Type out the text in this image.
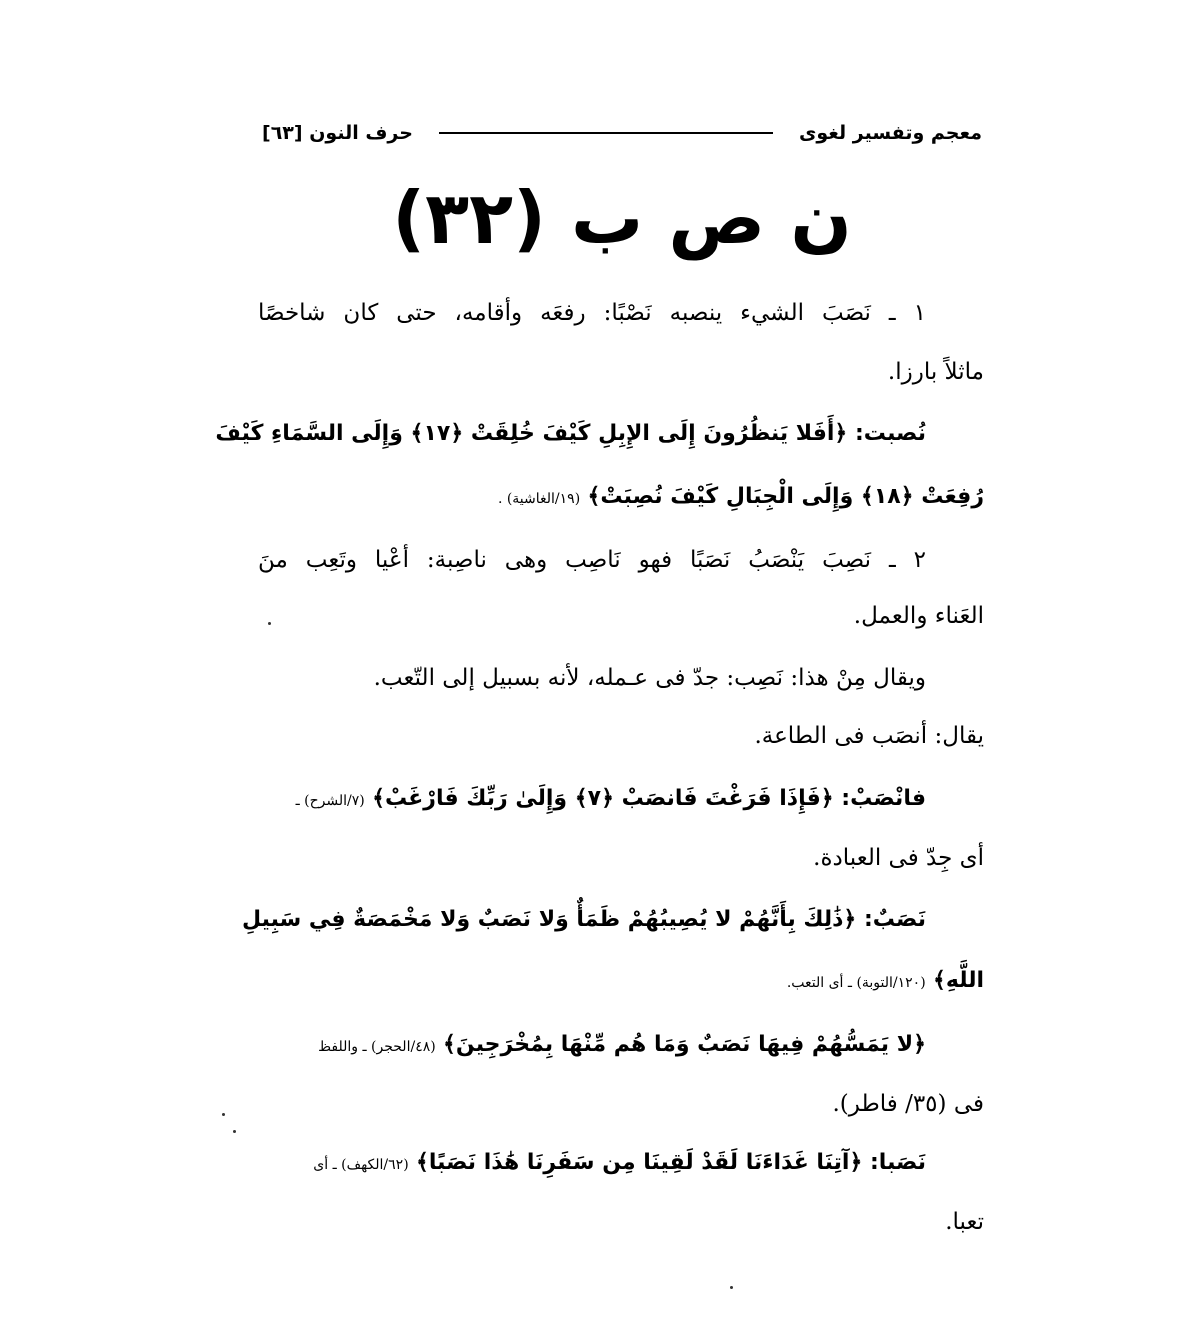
معجم وتفسير لغوى
حرف النون [٦٣]
ن ص ب (٣٢)
١ ـ نَصَبَ الشيء ينصبه نَصْبًا: رفعَه وأقامه، حتى كان شاخصًا
ماثلاً بارزا.
نُصبت: ﴿أَفَلا يَنظُرُونَ إِلَى الإِبِلِ كَيْفَ خُلِقَتْ ﴿١٧﴾ وَإِلَى السَّمَاءِ كَيْفَ
رُفِعَتْ ﴿١٨﴾ وَإِلَى الْجِبَالِ كَيْفَ نُصِبَتْ﴾ (١٩/الغاشية) .
٢ ـ نَصِبَ يَنْصَبُ نَصَبًا فهو نَاصِب وهى ناصِبة: أعْيا وتَعِب منَ
العَناء والعمل.
ويقال مِنْ هذا: نَصِب: جدّ فى عـمله، لأنه بسبيل إلى التّعب.
يقال: أنصَب فى الطاعة.
فانْصَبْ: ﴿فَإِذَا فَرَغْتَ فَانصَبْ ﴿٧﴾ وَإِلَىٰ رَبِّكَ فَارْغَبْ﴾ (٧/الشرح) ـ
أى جِدّ فى العبادة.
نَصَبٌ: ﴿ذَٰلِكَ بِأَنَّهُمْ لا يُصِيبُهُمْ ظَمَأٌ وَلا نَصَبٌ وَلا مَخْمَصَةٌ فِي سَبِيلِ
اللَّهِ﴾ (١٢٠/التوبة) ـ أى التعب.
﴿لا يَمَسُّهُمْ فِيهَا نَصَبٌ وَمَا هُم مِّنْهَا بِمُخْرَجِينَ﴾ (٤٨/الحجر) ـ واللفظ
فى (٣٥/ فاطر).
نَصَبا: ﴿آتِنَا غَدَاءَنَا لَقَدْ لَقِينَا مِن سَفَرِنَا هَٰذَا نَصَبًا﴾ (٦٢/الكهف) ـ أى
تعبا.
